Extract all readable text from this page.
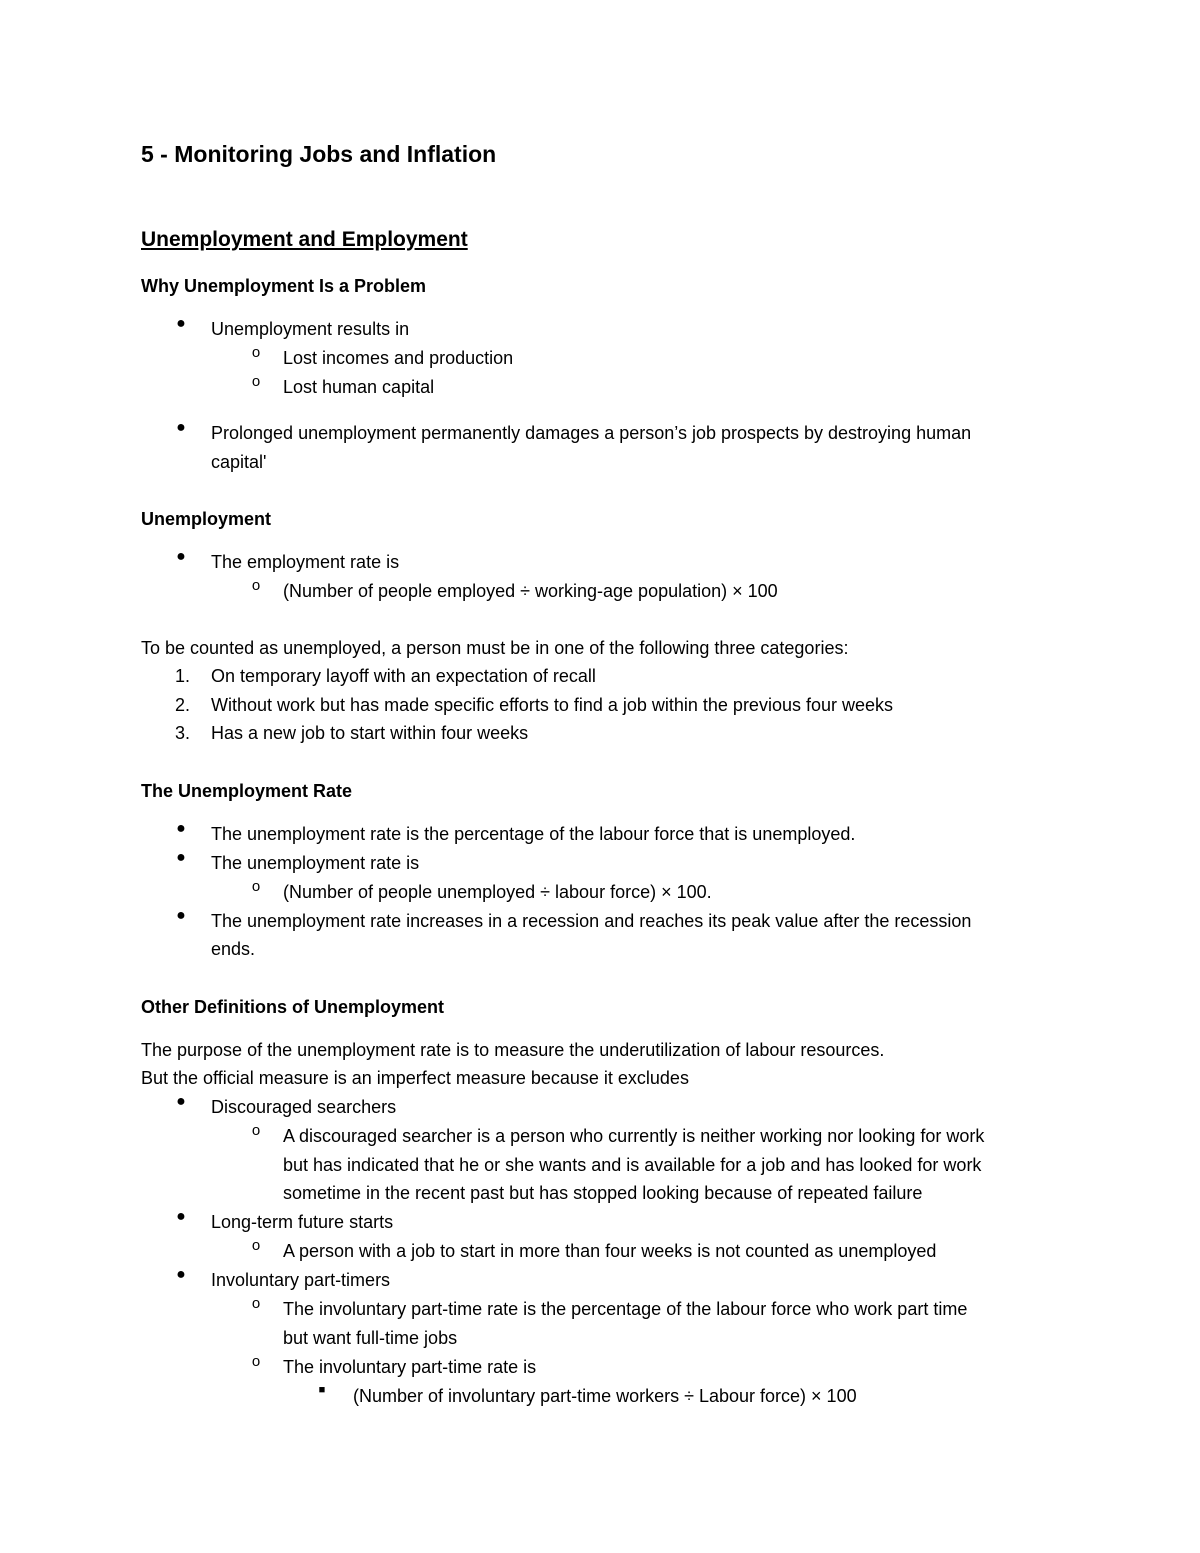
5 - Monitoring Jobs and Inflation
Unemployment and Employment
Why Unemployment Is a Problem
● Unemployment results in
o Lost incomes and production
o Lost human capital
● Prolonged unemployment permanently damages a person’s job prospects by destroying human
capital'
Unemployment
● The employment rate is
o (Number of people employed ÷ working-age population) × 100
To be counted as unemployed, a person must be in one of the following three categories:
1. On temporary layoff with an expectation of recall
2. Without work but has made specific efforts to find a job within the previous four weeks
3. Has a new job to start within four weeks
The Unemployment Rate
● The unemployment rate is the percentage of the labour force that is unemployed.
● The unemployment rate is
o (Number of people unemployed ÷ labour force) × 100.
● The unemployment rate increases in a recession and reaches its peak value after the recession
ends.
Other Definitions of Unemployment
The purpose of the unemployment rate is to measure the underutilization of labour resources.
But the official measure is an imperfect measure because it excludes
● Discouraged searchers
o A discouraged searcher is a person who currently is neither working nor looking for work
but has indicated that he or she wants and is available for a job and has looked for work
sometime in the recent past but has stopped looking because of repeated failure
● Long-term future starts
o A person with a job to start in more than four weeks is not counted as unemployed
● Involuntary part-timers
o The involuntary part-time rate is the percentage of the labour force who work part time
but want full-time jobs
o The involuntary part-time rate is
■ (Number of involuntary part-time workers ÷ Labour force) × 100
